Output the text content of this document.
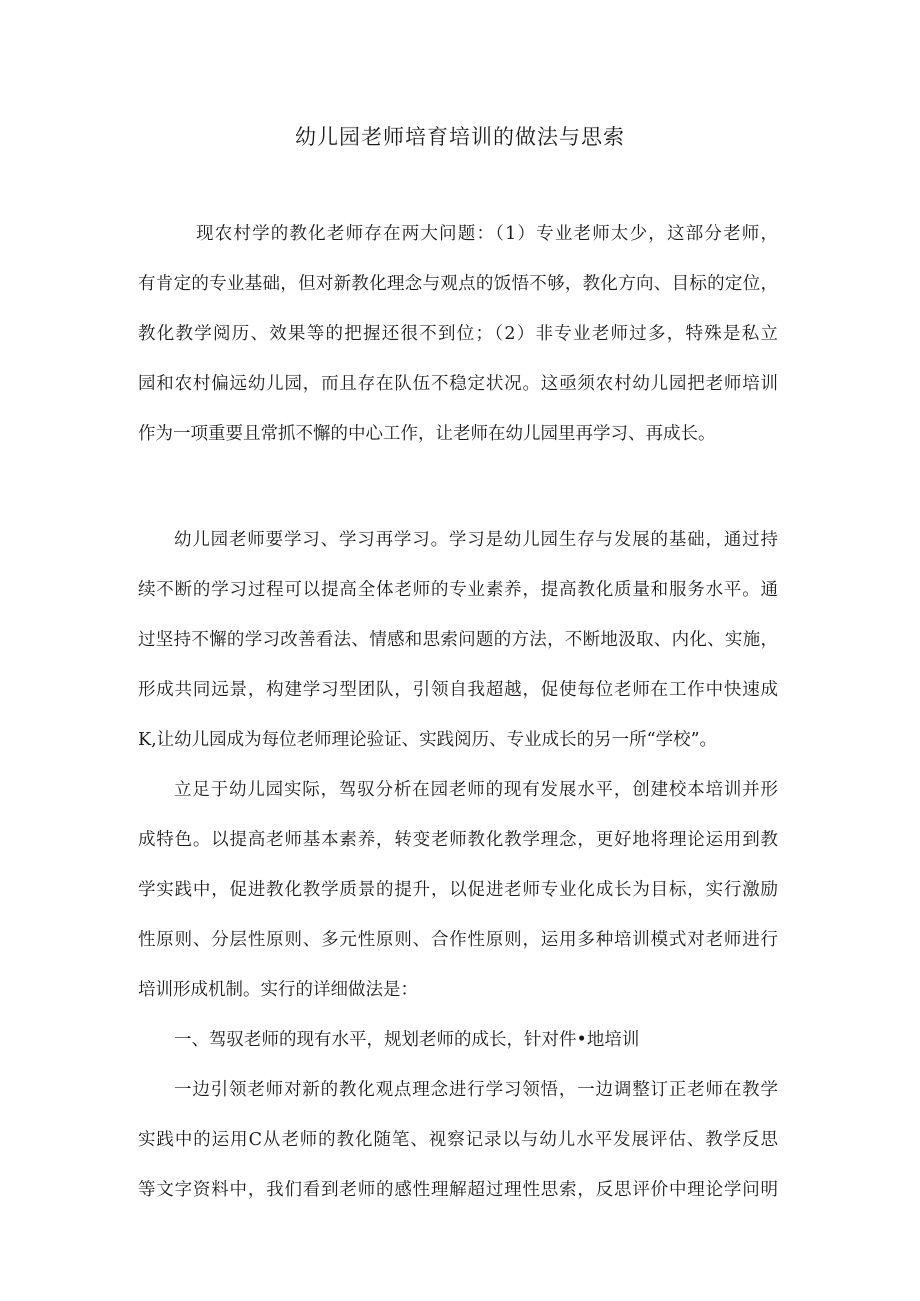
幼儿园老师培育培训的做法与思索
现农村学的教化老师存在两大问题：（1）专业老师太少，这部分老师，
有肯定的专业基础，但对新教化理念与观点的饭悟不够，教化方向、目标的定位，
教化教学阅历、效果等的把握还很不到位；（2）非专业老师过多，特殊是私立
园和农村偏远幼儿园，而且存在队伍不稳定状况。这亟须农村幼儿园把老师培训
作为一项重要且常抓不懈的中心工作，让老师在幼儿园里再学习、再成长。
幼儿园老师要学习、学习再学习。学习是幼儿园生存与发展的基础，通过持
续不断的学习过程可以提高全体老师的专业素养，提高教化质量和服务水平。通
过坚持不懈的学习改善看法、情感和思索问题的方法，不断地汲取、内化、实施，
形成共同远景，构建学习型团队，引领自我超越，促使每位老师在工作中快速成
K,让幼儿园成为每位老师理论验证、实践阅历、专业成长的另一所“学校”。
立足于幼儿园实际，驾驭分析在园老师的现有发展水平，创建校本培训并形
成特色。以提高老师基本素养，转变老师教化教学理念，更好地将理论运用到教
学实践中，促进教化教学质景的提升，以促进老师专业化成长为目标，实行激励
性原则、分层性原则、多元性原则、合作性原则，运用多种培训模式对老师进行
培训形成机制。实行的详细做法是：
一、驾驭老师的现有水平，规划老师的成长，针对件•地培训
一边引领老师对新的教化观点理念进行学习领悟，一边调整订正老师在教学
实践中的运用C从老师的教化随笔、视察记录以与幼儿水平发展评估、教学反思
等文字资料中，我们看到老师的感性理解超过理性思索，反思评价中理论学问明
